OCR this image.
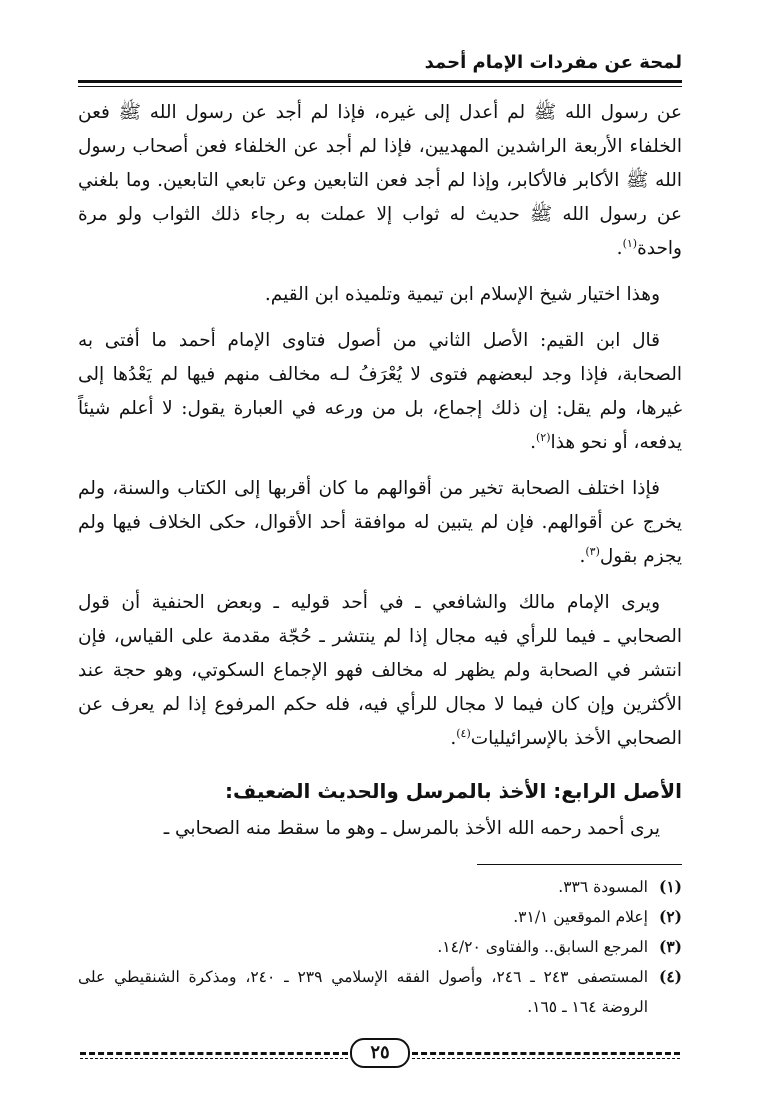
لمحة عن مفردات الإمام أحمد

عن رسول الله ﷺ لم أعدل إلى غيره، فإذا لم أجد عن رسول الله ﷺ فعن الخلفاء الأربعة الراشدين المهديين، فإذا لم أجد عن الخلفاء فعن أصحاب رسول الله ﷺ الأكابر فالأكابر، وإذا لم أجد فعن التابعين وعن تابعي التابعين. وما بلغني عن رسول الله ﷺ حديث له ثواب إلا عملت به رجاء ذلك الثواب ولو مرة واحدة$^{(١)}$.

وهذا اختيار شيخ الإسلام ابن تيمية وتلميذه ابن القيم.

قال ابن القيم: الأصل الثاني من أصول فتاوى الإمام أحمد ما أفتى به الصحابة، فإذا وجد لبعضهم فتوى لا يُعْرَفُ لـه مخالف منهم فيها لم يَعْدُها إلى غيرها، ولم يقل: إن ذلك إجماع، بل من ورعه في العبارة يقول: لا أعلم شيئاً يدفعه، أو نحو هذا$^{(٢)}$.

فإذا اختلف الصحابة تخير من أقوالهم ما كان أقربها إلى الكتاب والسنة، ولم يخرج عن أقوالهم. فإن لم يتبين له موافقة أحد الأقوال، حكى الخلاف فيها ولم يجزم بقول$^{(٣)}$.

ويرى الإمام مالك والشافعي ـ في أحد قوليه ـ وبعض الحنفية أن قول الصحابي ـ فيما للرأي فيه مجال إذا لم ينتشر ـ حُجّة مقدمة على القياس، فإن انتشر في الصحابة ولم يظهر له مخالف فهو الإجماع السكوتي، وهو حجة عند الأكثرين وإن كان فيما لا مجال للرأي فيه، فله حكم المرفوع إذا لم يعرف عن الصحابي الأخذ بالإسرائيليات$^{(٤)}$.

الأصل الرابع: الأخذ بالمرسل والحديث الضعيف:

يرى أحمد رحمه الله الأخذ بالمرسل ـ وهو ما سقط منه الصحابي ـ

(١)
المسودة ٣٣٦.
(٢)
إعلام الموقعين ٣١/١.
(٣)
المرجع السابق.. والفتاوى ١٤/٢٠.
(٤)
المستصفى ٢٤٣ ـ ٢٤٦، وأصول الفقه الإسلامي ٢٣٩ ـ ٢٤٠، ومذكرة الشنقيطي على الروضة ١٦٤ ـ ١٦٥.
٢٥
